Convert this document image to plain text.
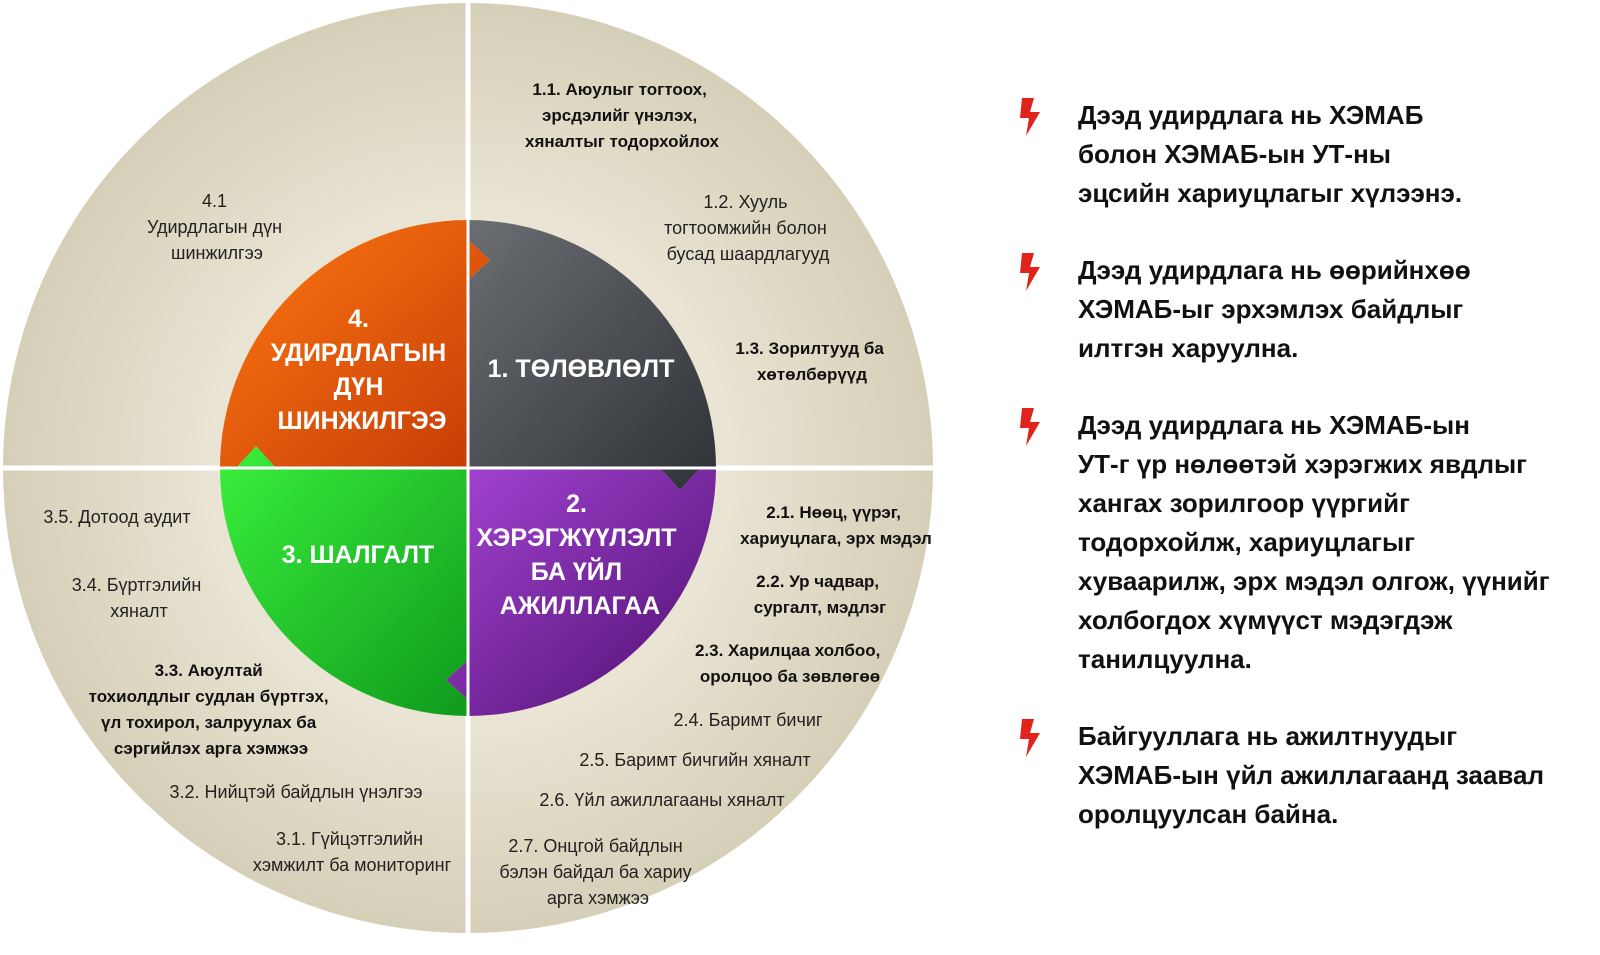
1. ТӨЛӨВЛӨЛТ
2. ХЭРЭГЖҮҮЛЭЛТ БА ҮЙЛ АЖИЛЛАГАА
3. ШАЛГАЛТ
4. УДИРДЛАГЫН ДҮН ШИНЖИЛГЭЭ
1.1. Аюулыг тогтоох, эрсдэлийг үнэлэх, хяналтыг тодорхойлох
1.2. Хууль тогтоомжийн болон бусад шаардлагууд
1.3. Зорилтууд ба хөтөлбөрүүд
2.1. Нөөц, үүрэг, хариуцлага, эрх мэдэл
2.2. Ур чадвар, сургалт, мэдлэг
2.3. Харилцаа холбоо, оролцоо ба зөвлөгөө
2.4. Баримт бичиг
2.5. Баримт бичгийн хяналт
2.6. Үйл ажиллагааны хяналт
2.7. Онцгой байдлын бэлэн байдал ба хариу арга хэмжээ
3.5. Дотоод аудит
3.4. Бүртгэлийн хяналт
3.3. Аюултай тохиолдлыг судлан бүртгэх, үл тохирол, залруулах ба сэргийлэх арга хэмжээ
3.2. Нийцтэй байдлын үнэлгээ
3.1. Гүйцэтгэлийн хэмжилт ба мониторинг
4.1 Удирдлагын дүн шинжилгээ

Дээд удирдлага нь ХЭМАБ
болон ХЭМАБ-ын УТ-ны
эцсийн хариуцлагыг хүлээнэ.

Дээд удирдлага нь өөрийнхөө
ХЭМАБ-ыг эрхэмлэх байдлыг
илтгэн харуулна.

Дээд удирдлага нь ХЭМАБ-ын
УТ-г үр нөлөөтэй хэрэгжих явдлыг
хангах зорилгоор үүргийг
тодорхойлж, хариуцлагыг
хуваарилж, эрх мэдэл олгож, үүнийг
холбогдох хүмүүст мэдэгдэж
танилцуулна.

Байгууллага нь ажилтнуудыг
ХЭМАБ-ын үйл ажиллагаанд заавал
оролцуулсан байна.
